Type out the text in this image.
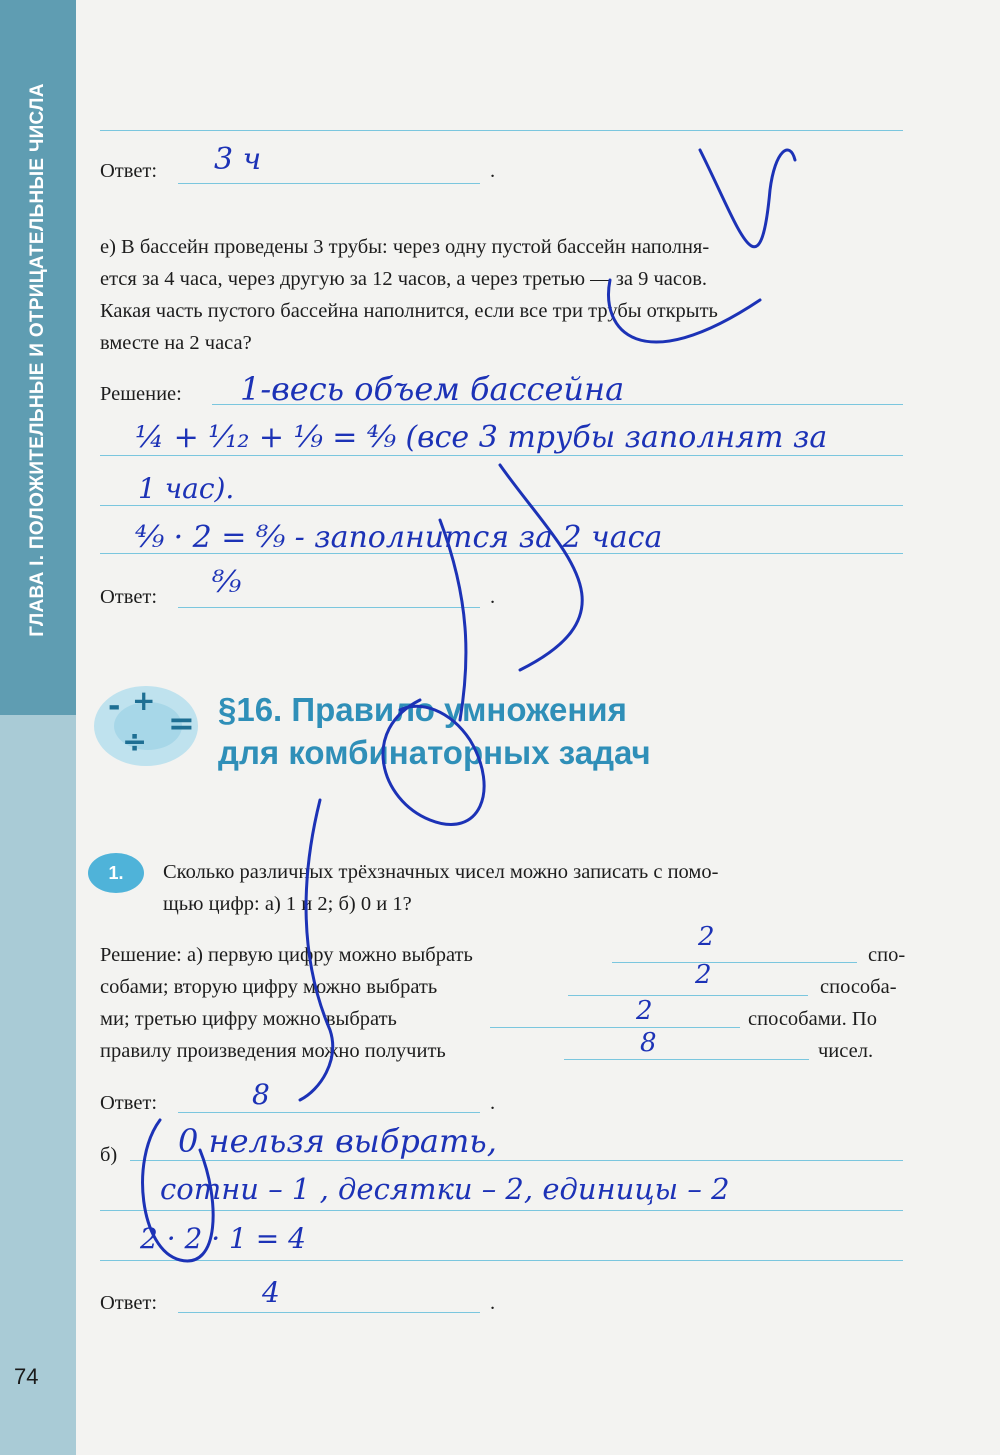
ГЛАВА I. ПОЛОЖИТЕЛЬНЫЕ И ОТРИЦАТЕЛЬНЫЕ ЧИСЛА
74
Ответ:	.
3 ч
е) В бассейн проведены 3 трубы: через одну пустой бассейн наполня-
ется за 4 часа, через другую за 12 часов, а через третью — за 9 часов.
Какая часть пустого бассейна наполнится, если все три трубы открыть
вместе на 2 часа?
Решение: 1-весь объем бассейна
¼ + ¹⁄₁₂ + ⅑ = ⁴⁄₉ (все 3 трубы заполнят за
1 час).
⁴⁄₉ · 2 = ⁸⁄₉ - заполнится за 2 часа
Ответ:	.
⁸⁄₉
- +
=
÷
§16. Правило умножения
для комбинаторных задач
1.	Сколько различных трёхзначных чисел можно записать с помо-
щью цифр: а) 1 и 2; б) 0 и 1?
Решение: а) первую цифру можно выбрать	спо-
2
собами; вторую цифру можно выбрать	способа-
2
ми; третью цифру можно выбрать	способами. По
2
правилу произведения можно получить	чисел.
8
Ответ:	.
8
б) 0 нельзя выбрать,
сотни – 1 , десятки – 2, единицы – 2
2 · 2 · 1 = 4
Ответ:	.
4
